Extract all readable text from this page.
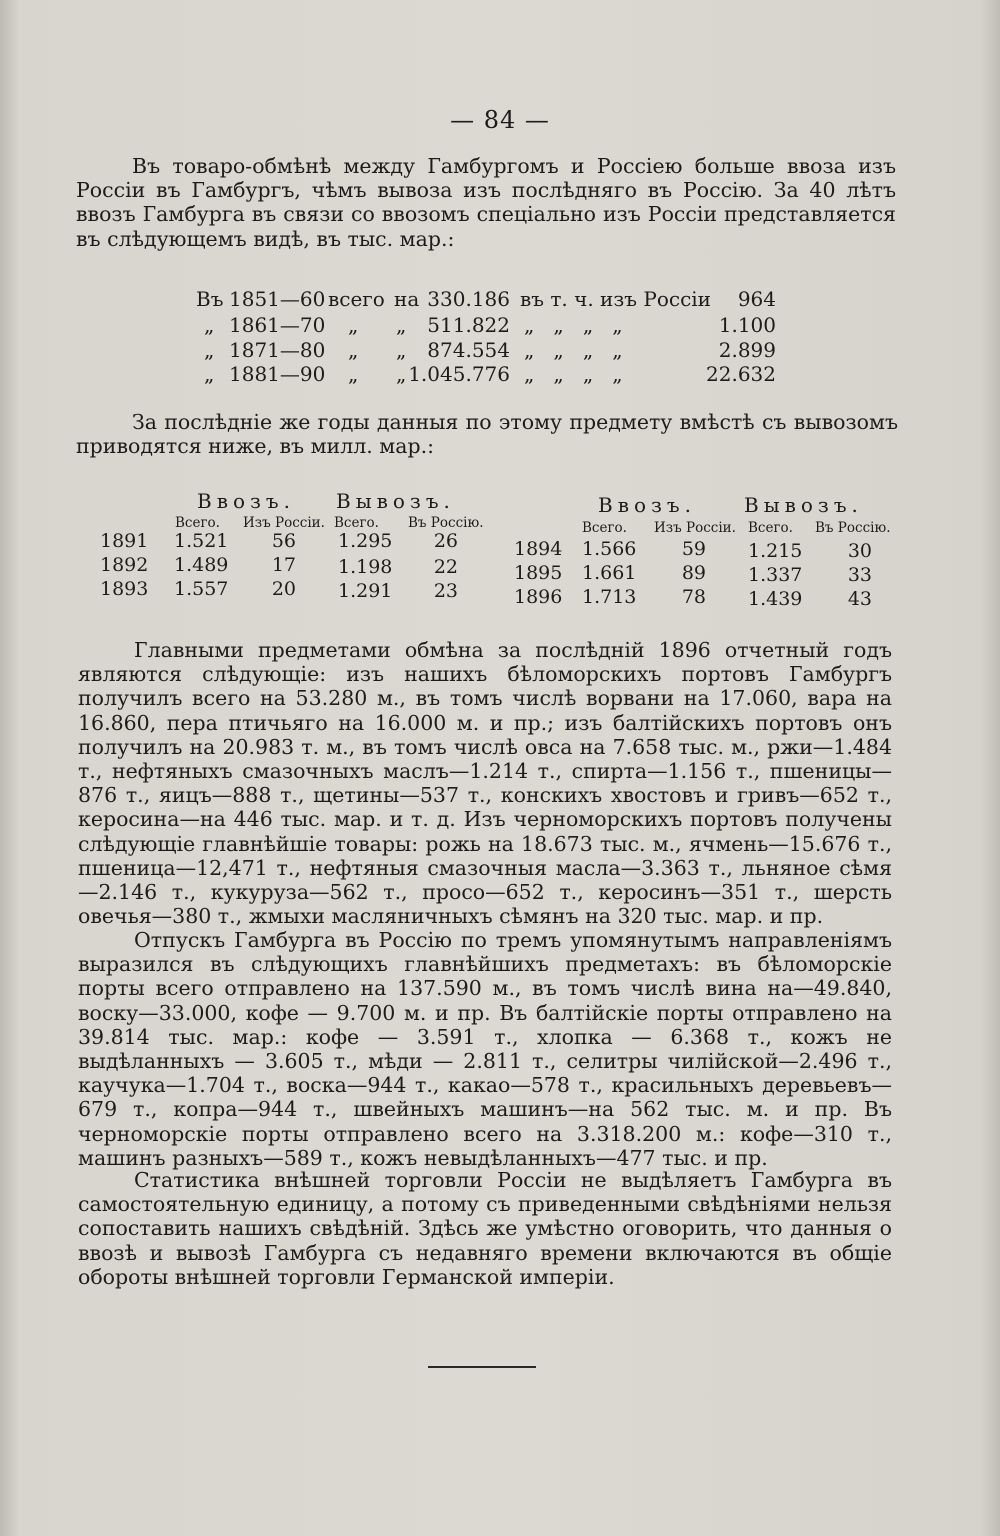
— 84 —

Въ товаро-обмѣнѣ между Гамбургомъ и Россiею больше ввоза изъ Россiи въ Гамбургъ, чѣмъ вывоза изъ послѣдняго въ Россiю. За 40 лѣтъ ввозъ Гамбурга въ связи со ввозомъ спецiально изъ Россiи представляется въ слѣдующемъ видѣ, въ тыс. мар.:

Въ 1851—60 всего на 330.186 въ т. ч. изъ Россiи	964
„ 1861—70 „ „	511.822 „   „   „   „	1.100
„ 1871—80 „ „	874.554 „   „   „   „	2.899
„ 1881—90 „ „ 1.045.776 „   „   „   „	22.632

За послѣднiе же годы данныя по этому предмету вмѣстѣ съ вывозомъ приводятся ниже, въ милл. мар.:

Ввозъ. Вывозъ.
Всего. Изъ Россiи. Всего. Въ Россiю.
1891 1.521	56 1.295	26
1892 1.489	17 1.198	22
1893 1.557	20 1.291	23
Ввозъ. Вывозъ.
Всего. Изъ Россiи. Всего. Въ Россiю.
1894 1.566	59 1.215	30
1895 1.661	89 1.337	33
1896 1.713	78 1.439	43

Главными предметами обмѣна за послѣднiй 1896 отчетный годъ являются слѣдующiе: изъ нашихъ бѣломорскихъ портовъ Гамбургъ получилъ всего на 53.280 м., въ томъ числѣ ворвани на 17.060, вара на 16.860, пера птичьяго на 16.000 м. и пр.; изъ балтiйскихъ портовъ онъ получилъ на 20.983 т. м., въ томъ числѣ овса на 7.658 тыс. м., ржи—1.484 т., нефтяныхъ смазочныхъ маслъ—1.214 т., спирта—1.156 т., пшеницы—876 т., яицъ—888 т., щетины—537 т., конскихъ хвостовъ и гривъ—652 т., керосина—на 446 тыс. мар. и т. д. Изъ черноморскихъ портовъ получены слѣдующiе главнѣйшiе товары: рожь на 18.673 тыс. м., ячмень—15.676 т., пшеница—12,471 т., нефтяныя смазочныя масла—3.363 т., льняное сѣмя—2.146 т., кукуруза—562 т., просо—652 т., керосинъ—351 т., шерсть овечья—380 т., жмыхи масляничныхъ сѣмянъ на 320 тыс. мар. и пр.

Отпускъ Гамбурга въ Россiю по тремъ упомянутымъ направленiямъ выразился въ слѣдующихъ главнѣйшихъ предметахъ: въ бѣломорскiе порты всего отправлено на 137.590 м., въ томъ числѣ вина на—49.840, воску—33.000, кофе — 9.700 м. и пр. Въ балтiйскiе порты отправлено на 39.814 тыс. мар.: кофе — 3.591 т., хлопка — 6.368 т., кожъ не выдѣланныхъ — 3.605 т., мѣди — 2.811 т., селитры чилiйской—2.496 т., каучука—1.704 т., воска—944 т., какао—578 т., красильныхъ деревьевъ—679 т., копра—944 т., швейныхъ машинъ—на 562 тыс. м. и пр. Въ черноморскiе порты отправлено всего на 3.318.200 м.: кофе—310 т., машинъ разныхъ—589 т., кожъ невыдѣланныхъ—477 тыс. и пр.

Статистика внѣшней торговли Россiи не выдѣляетъ Гамбурга въ самостоятельную единицу, а потому съ приведенными свѣдѣнiями нельзя сопоставить нашихъ свѣдѣнiй. Здѣсь же умѣстно оговорить, что данныя о ввозѣ и вывозѣ Гамбурга съ недавняго времени включаются въ общiе обороты внѣшней торговли Германской имперiи.
